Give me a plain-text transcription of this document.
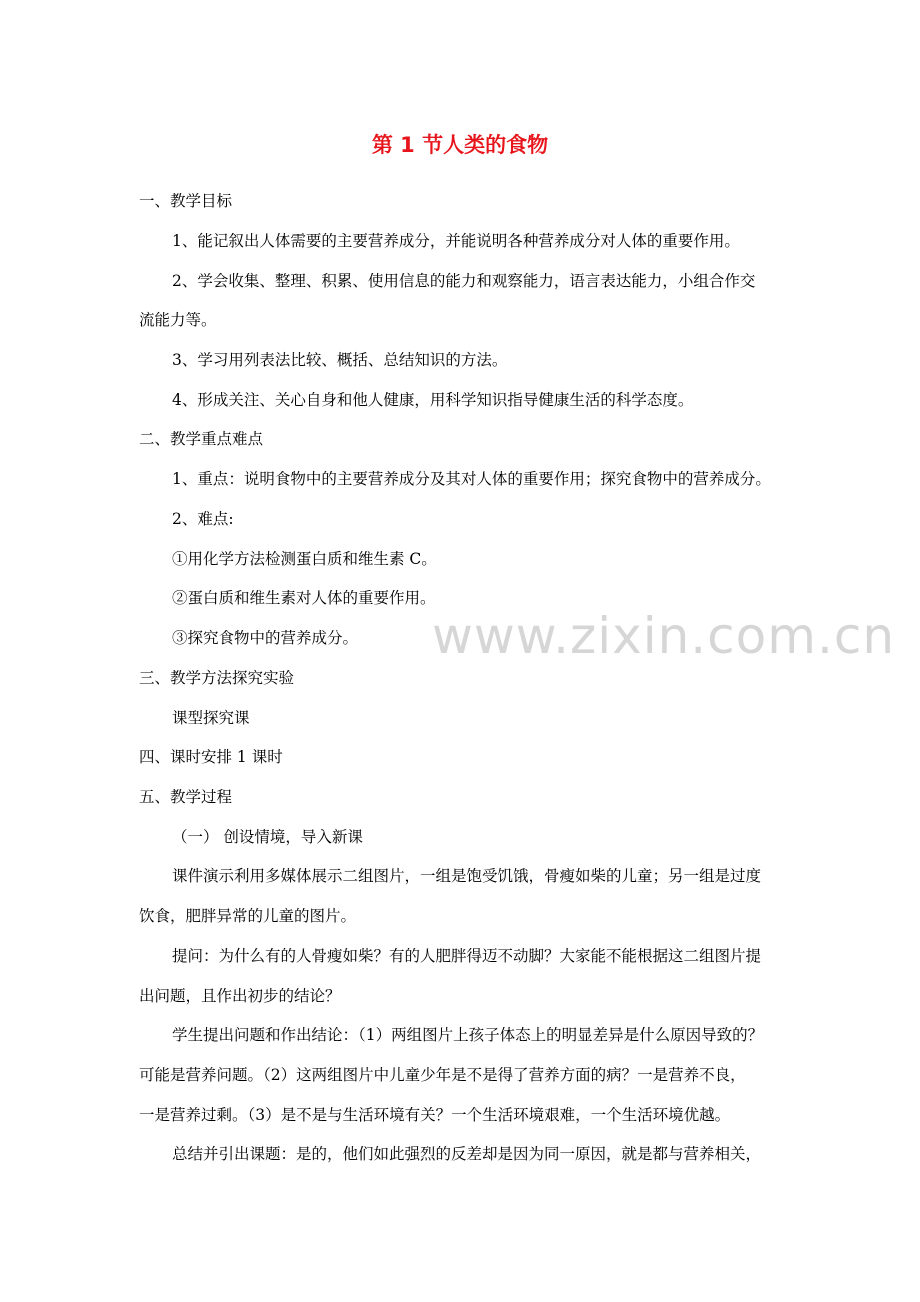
www.zixin.com.cn
第 1 节人类的食物
一、教学目标
1、能记叙出人体需要的主要营养成分，并能说明各种营养成分对人体的重要作用。
2、学会收集、整理、积累、使用信息的能力和观察能力，语言表达能力，小组合作交
流能力等。
3、学习用列表法比较、概括、总结知识的方法。
4、形成关注、关心自身和他人健康，用科学知识指导健康生活的科学态度。
二、教学重点难点
1、重点：说明食物中的主要营养成分及其对人体的重要作用；探究食物中的营养成分。
2、难点:
①用化学方法检测蛋白质和维生素 C。
②蛋白质和维生素对人体的重要作用。
③探究食物中的营养成分。
三、教学方法探究实验
课型探究课
四、课时安排 1 课时
五、教学过程
（一） 创设情境，导入新课
课件演示利用多媒体展示二组图片，一组是饱受饥饿，骨瘦如柴的儿童；另一组是过度
饮食，肥胖异常的儿童的图片。
提问：为什么有的人骨瘦如柴？有的人肥胖得迈不动脚？大家能不能根据这二组图片提
出问题，且作出初步的结论？
学生提出问题和作出结论：（1）两组图片上孩子体态上的明显差异是什么原因导致的？
可能是营养问题。（2）这两组图片中儿童少年是不是得了营养方面的病？一是营养不良，
一是营养过剩。（3）是不是与生活环境有关？一个生活环境艰难，一个生活环境优越。
总结并引出课题：是的，他们如此强烈的反差却是因为同一原因，就是都与营养相关，
